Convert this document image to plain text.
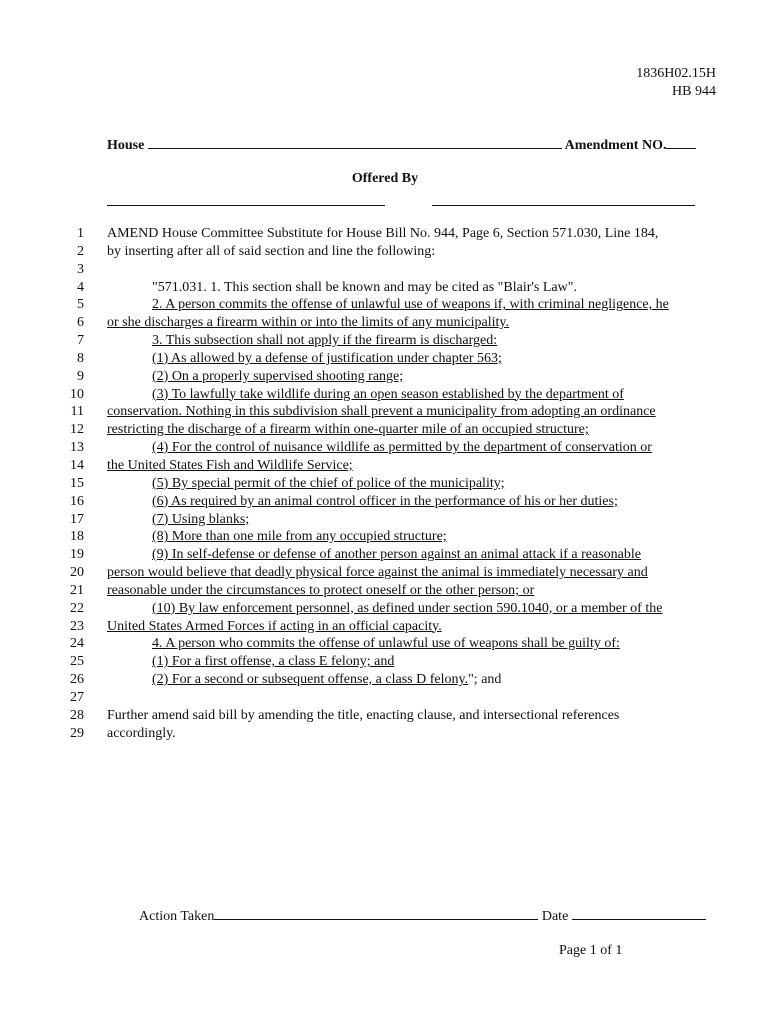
1836H02.15H
HB 944
House	Amendment NO.
Offered By
1 AMEND House Committee Substitute for House Bill No. 944, Page 6, Section 571.030, Line 184,
2 by inserting after all of said section and line the following:
3
4	"571.031. 1. This section shall be known and may be cited as "Blair's Law".
5	2. A person commits the offense of unlawful use of weapons if, with criminal negligence, he
6 or she discharges a firearm within or into the limits of any municipality.
7	3. This subsection shall not apply if the firearm is discharged:
8	(1) As allowed by a defense of justification under chapter 563;
9	(2) On a properly supervised shooting range;
10	(3) To lawfully take wildlife during an open season established by the department of
11 conservation. Nothing in this subdivision shall prevent a municipality from adopting an ordinance
12 restricting the discharge of a firearm within one-quarter mile of an occupied structure;
13	(4) For the control of nuisance wildlife as permitted by the department of conservation or
14 the United States Fish and Wildlife Service;
15	(5) By special permit of the chief of police of the municipality;
16	(6) As required by an animal control officer in the performance of his or her duties;
17	(7) Using blanks;
18	(8) More than one mile from any occupied structure;
19	(9) In self-defense or defense of another person against an animal attack if a reasonable
20 person would believe that deadly physical force against the animal is immediately necessary and
21 reasonable under the circumstances to protect oneself or the other person; or
22	(10) By law enforcement personnel, as defined under section 590.1040, or a member of the
23 United States Armed Forces if acting in an official capacity.
24	4. A person who commits the offense of unlawful use of weapons shall be guilty of:
25	(1) For a first offense, a class E felony; and
26	(2) For a second or subsequent offense, a class D felony."; and
27
28 Further amend said bill by amending the title, enacting clause, and intersectional references
29 accordingly.
Action Taken	Date
Page 1 of 1
